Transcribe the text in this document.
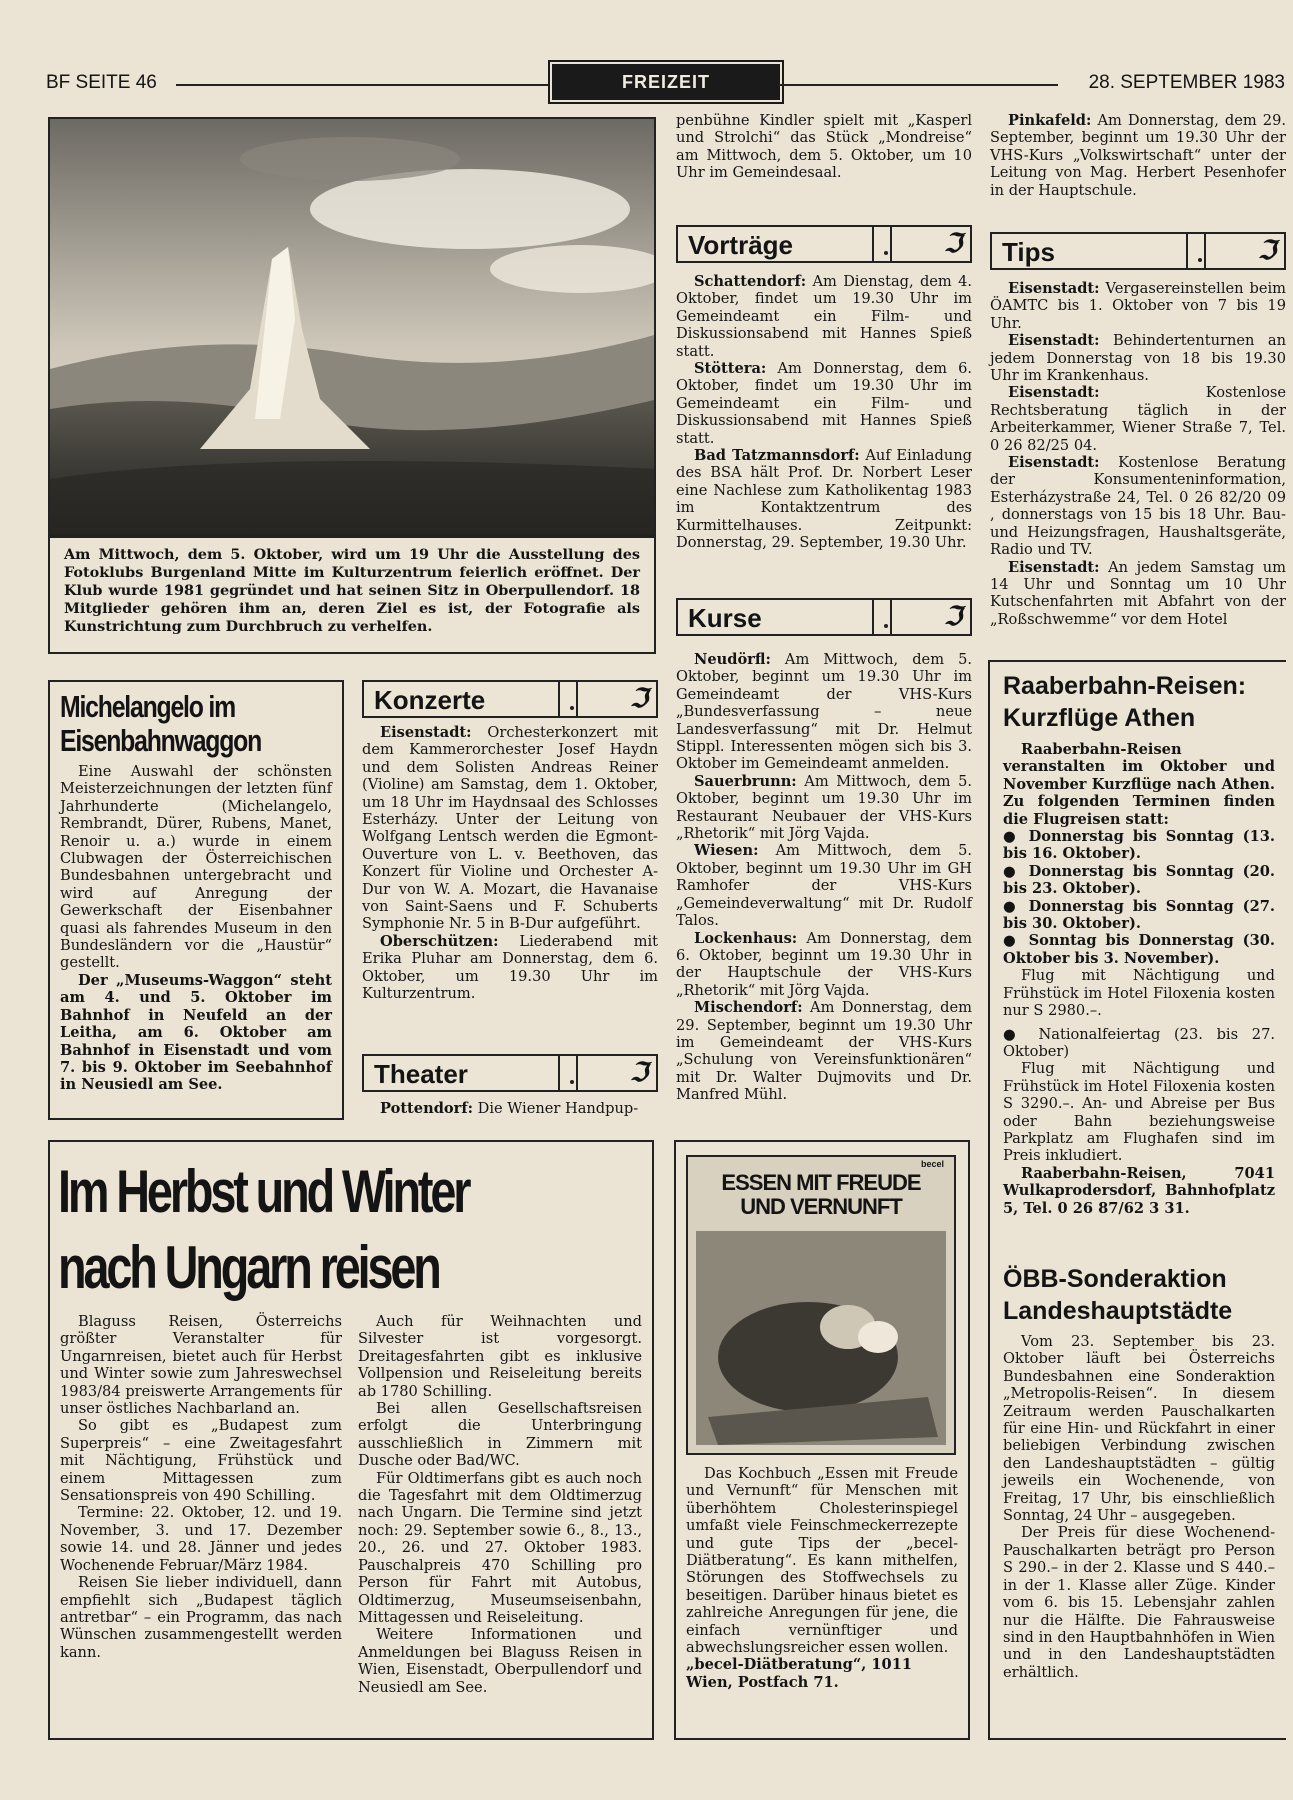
BF SEITE 46	FREIZEIT	28. SEPTEMBER 1983
Am Mittwoch, dem 5. Oktober, wird um 19 Uhr die Ausstellung des Fotoklubs Burgenland Mitte im Kulturzentrum feierlich eröffnet. Der Klub wurde 1981 gegründet und hat seinen Sitz in Oberpullendorf. 18 Mitglieder gehören ihm an, deren Ziel es ist, der Fotografie als Kunstrichtung zum Durchbruch zu verhelfen.
Michelangelo im
Eisenbahnwaggon

Eine Auswahl der schönsten Meisterzeichnungen der letzten fünf Jahrhunderte (Michelangelo, Rembrandt, Dürer, Rubens, Manet, Renoir u. a.) wurde in einem Clubwagen der Österreichischen Bundesbahnen untergebracht und wird auf Anregung der Gewerkschaft der Eisenbahner quasi als fahrendes Museum in den Bundesländern vor die „Haustür“ gestellt.

Der „Museums-Waggon“ steht am 4. und 5. Oktober im Bahnhof in Neufeld an der Leitha, am 6. Oktober am Bahnhof in Eisenstadt und vom 7. bis 9. Oktober im Seebahnhof in Neusiedl am See.

Konzerte	ℑ

Eisenstadt: Orchesterkonzert mit dem Kammerorchester Josef Haydn und dem Solisten Andreas Reiner (Violine) am Samstag, dem 1. Oktober, um 18 Uhr im Haydnsaal des Schlosses Esterházy. Unter der Leitung von Wolfgang Lentsch werden die Egmont-Ouverture von L. v. Beethoven, das Konzert für Violine und Orchester A-Dur von W. A. Mozart, die Havanaise von Saint-Saens und F. Schuberts Symphonie Nr. 5 in B-Dur aufgeführt.

Oberschützen: Liederabend mit Erika Pluhar am Donnerstag, dem 6. Oktober, um 19.30 Uhr im Kulturzentrum.

Theater	ℑ

Pottendorf: Die Wiener Handpup-

penbühne Kindler spielt mit „Kasperl und Strolchi“ das Stück „Mondreise“ am Mittwoch, dem 5. Oktober, um 10 Uhr im Gemeindesaal.

Vorträge	ℑ

Schattendorf: Am Dienstag, dem 4. Oktober, findet um 19.30 Uhr im Gemeindeamt ein Film- und Diskussionsabend mit Hannes Spieß statt.

Stöttera: Am Donnerstag, dem 6. Oktober, findet um 19.30 Uhr im Gemeindeamt ein Film- und Diskussionsabend mit Hannes Spieß statt.

Bad Tatzmannsdorf: Auf Einladung des BSA hält Prof. Dr. Norbert Leser eine Nachlese zum Katholikentag 1983 im Kontaktzentrum des Kurmittelhauses. Zeitpunkt: Donnerstag, 29. September, 19.30 Uhr.

Kurse	ℑ

Neudörfl: Am Mittwoch, dem 5. Oktober, beginnt um 19.30 Uhr im Gemeindeamt der VHS-Kurs „Bundesverfassung – neue Landesverfassung“ mit Dr. Helmut Stippl. Interessenten mögen sich bis 3. Oktober im Gemeindeamt anmelden.

Sauerbrunn: Am Mittwoch, dem 5. Oktober, beginnt um 19.30 Uhr im Restaurant Neubauer der VHS-Kurs „Rhetorik“ mit Jörg Vajda.

Wiesen: Am Mittwoch, dem 5. Oktober, beginnt um 19.30 Uhr im GH Ramhofer der VHS-Kurs „Gemeindeverwaltung“ mit Dr. Rudolf Talos.

Lockenhaus: Am Donnerstag, dem 6. Oktober, beginnt um 19.30 Uhr in der Hauptschule der VHS-Kurs „Rhetorik“ mit Jörg Vajda.

Mischendorf: Am Donnerstag, dem 29. September, beginnt um 19.30 Uhr im Gemeindeamt der VHS-Kurs „Schulung von Vereinsfunktionären“ mit Dr. Walter Dujmovits und Dr. Manfred Mühl.

Pinkafeld: Am Donnerstag, dem 29. September, beginnt um 19.30 Uhr der VHS-Kurs „Volkswirtschaft“ unter der Leitung von Mag. Herbert Pesenhofer in der Hauptschule.

Tips	ℑ

Eisenstadt: Vergasereinstellen beim ÖAMTC bis 1. Oktober von 7 bis 19 Uhr.

Eisenstadt: Behindertenturnen an jedem Donnerstag von 18 bis 19.30 Uhr im Krankenhaus.

Eisenstadt:	Kostenlose Rechtsberatung täglich in der Arbeiterkammer, Wiener Straße 7, Tel. 0 26 82/25 04.

Eisenstadt: Kostenlose Beratung der Konsumenteninformation, Esterházystraße 24, Tel. 0 26 82/20 09 , donnerstags von 15 bis 18 Uhr. Bau- und Heizungsfragen, Haushaltsgeräte, Radio und TV.

Eisenstadt: An jedem Samstag um 14 Uhr und Sonntag um 10 Uhr Kutschenfahrten mit Abfahrt von der „Roßschwemme“ vor dem Hotel

Raaberbahn-Reisen:
Kurzflüge Athen

Raaberbahn-Reisen veranstalten im Oktober und November Kurzflüge nach Athen. Zu folgenden Terminen finden die Flugreisen statt:

● Donnerstag bis Sonntag (13. bis 16. Oktober).

● Donnerstag bis Sonntag (20. bis 23. Oktober).

● Donnerstag bis Sonntag (27. bis 30. Oktober).

● Sonntag bis Donnerstag (30. Oktober bis 3. November).

Flug mit Nächtigung und Frühstück im Hotel Filoxenia kosten nur S 2980.–.

● Nationalfeiertag (23. bis 27. Oktober)

Flug mit Nächtigung und Frühstück im Hotel Filoxenia kosten S 3290.–. An- und Abreise per Bus oder Bahn beziehungsweise Parkplatz am Flughafen sind im Preis inkludiert.

Raaberbahn-Reisen, 7041 Wulkaprodersdorf, Bahnhofplatz 5, Tel. 0 26 87/62 3 31.

ÖBB-Sonderaktion
Landeshauptstädte

Vom 23. September bis 23. Oktober läuft bei Österreichs Bundesbahnen eine Sonderaktion „Metropolis-Reisen“. In diesem Zeitraum werden Pauschalkarten für eine Hin- und Rückfahrt in einer beliebigen Verbindung zwischen den Landeshauptstädten – gültig jeweils ein Wochenende, von Freitag, 17 Uhr, bis einschließlich Sonntag, 24 Uhr – ausgegeben.

Der Preis für diese Wochenend-Pauschalkarten beträgt pro Person S 290.– in der 2. Klasse und S 440.– in der 1. Klasse aller Züge. Kinder vom 6. bis 15. Lebensjahr zahlen nur die Hälfte. Die Fahrausweise sind in den Hauptbahnhöfen in Wien und in den Landeshauptstädten erhältlich.

Im Herbst und Winter
nach Ungarn reisen

Blaguss Reisen, Österreichs größter Veranstalter für Ungarnreisen, bietet auch für Herbst und Winter sowie zum Jahreswechsel 1983/84 preiswerte Arrangements für unser östliches Nachbarland an.

So gibt es „Budapest zum Superpreis“ – eine Zweitagesfahrt mit Nächtigung, Frühstück und einem Mittagessen zum Sensationspreis von 490 Schilling.

Termine: 22. Oktober, 12. und 19. November, 3. und 17. Dezember sowie 14. und 28. Jänner und jedes Wochenende Februar/März 1984.

Reisen Sie lieber individuell, dann empfiehlt sich „Budapest täglich antretbar“ – ein Programm, das nach Wünschen zusammengestellt werden kann.

Auch für Weihnachten und Silvester ist vorgesorgt. Dreitagesfahrten gibt es inklusive Vollpension und Reiseleitung bereits ab 1780 Schilling.

Bei allen Gesellschaftsreisen erfolgt die Unterbringung ausschließlich in Zimmern mit Dusche oder Bad/WC.

Für Oldtimerfans gibt es auch noch die Tagesfahrt mit dem Oldtimerzug nach Ungarn. Die Termine sind jetzt noch: 29. September sowie 6., 8., 13., 20., 26. und 27. Oktober 1983. Pauschalpreis 470 Schilling pro Person für Fahrt mit Autobus, Oldtimerzug, Museumseisenbahn, Mittagessen und Reiseleitung.

Weitere Informationen und Anmeldungen bei Blaguss Reisen in Wien, Eisenstadt, Oberpullendorf und Neusiedl am See.

becel
ESSEN MIT FREUDE
UND VERNUNFT

Das Kochbuch „Essen mit Freude und Vernunft“ für Menschen mit überhöhtem Cholesterinspiegel umfaßt viele Feinschmeckerrezepte und gute Tips der „becel-Diätberatung“. Es kann mithelfen, Störungen des Stoffwechsels zu beseitigen. Darüber hinaus bietet es zahlreiche Anregungen für jene, die einfach vernünftiger und abwechslungsreicher essen wollen.

„becel-Diätberatung“, 1011 Wien, Postfach 71.
